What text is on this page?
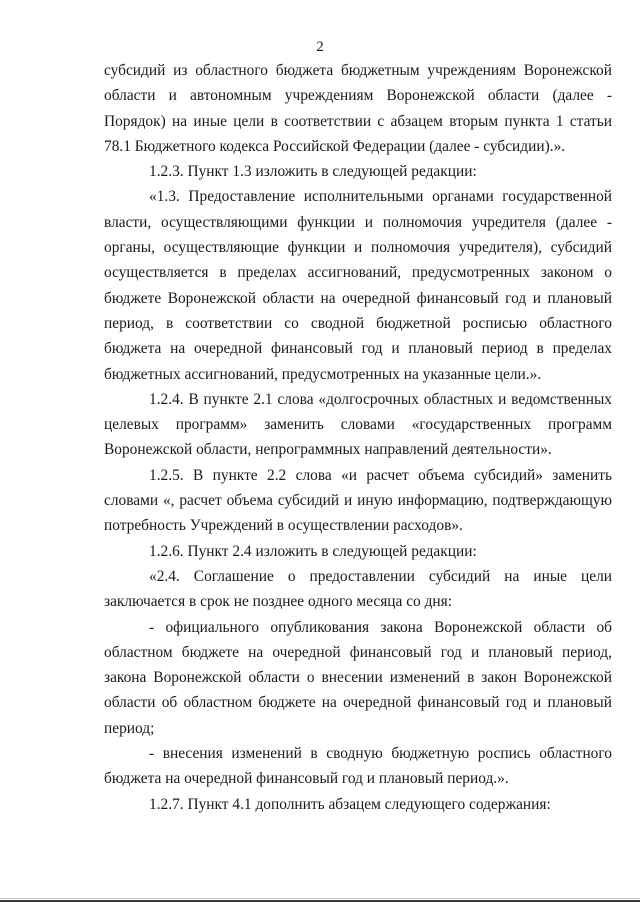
2

субсидий из областного бюджета бюджетным учреждениям Воронежской области и автономным учреждениям Воронежской области (далее - Порядок) на иные цели в соответствии с абзацем вторым пункта 1 статьи 78.1 Бюджетного кодекса Российской Федерации (далее - субсидии).».

1.2.3. Пункт 1.3 изложить в следующей редакции:

«1.3. Предоставление исполнительными органами государственной власти, осуществляющими функции и полномочия учредителя (далее - органы, осуществляющие функции и полномочия учредителя), субсидий осуществляется в пределах ассигнований, предусмотренных законом о бюджете Воронежской области на очередной финансовый год и плановый период, в соответствии со сводной бюджетной росписью областного бюджета на очередной финансовый год и плановый период в пределах бюджетных ассигнований, предусмотренных на указанные цели.».

1.2.4. В пункте 2.1 слова «долгосрочных областных и ведомственных целевых программ» заменить словами «государственных программ Воронежской области, непрограммных направлений деятельности».

1.2.5. В пункте 2.2 слова «и расчет объема субсидий» заменить словами «, расчет объема субсидий и иную информацию, подтверждающую потребность Учреждений в осуществлении расходов».

1.2.6. Пункт 2.4 изложить в следующей редакции:

«2.4. Соглашение о предоставлении субсидий на иные цели заключается в срок не позднее одного месяца со дня:

- официального опубликования закона Воронежской области об областном бюджете на очередной финансовый год и плановый период, закона Воронежской области о внесении изменений в закон Воронежской области об областном бюджете на очередной финансовый год и плановый период;

- внесения изменений в сводную бюджетную роспись областного бюджета на очередной финансовый год и плановый период.».

1.2.7. Пункт 4.1 дополнить абзацем следующего содержания:
